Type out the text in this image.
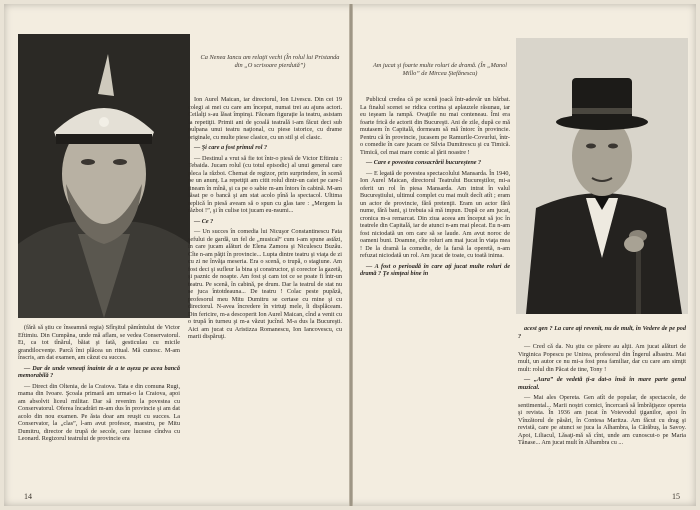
Ca Nenea Iancu am relaţii vechi (În rolul lui Pristanda din „O scrisoare pierdută”)

(fără să ştiu ce înseamnă regia) Sfîrşitul pămîntului de Victor Eftimiu. Din Cumpăna, unde mă aflam, se vedea Conservatorul. Ei, ca tot tînărul, băiat şi fată, gesticulau cu micile grandilocvenţe. Parcă îmi plăcea un ritual. Mă cunosc. M-am înscris, am dat examen, am căzut cu succes.

— Dar de unde veneaţi înainte de a te aşeza pe acea bancă memorabilă ?

— Direct din Oltenia, de la Craiova. Tata e din comuna Rugi, mama din Ivoare. Şcoala primară am urmat-o la Craiova, apoi am absolvit liceul militar. Dar să revenim la povestea cu Conservatorul. Oferea încadrări m-am dus în provincie şi am dat acolo din nou examen. Pe ăsta doar am reuşit cu succes. La Conservator, la „clas”, l-am avut profesor, maestru, pe Mitu Dumitru, director de trupă de secole, care lucrase cîndva cu Leonard. Regizorul teatrului de provincie era

Ion Aurel Maican, iar directorul, Ion Livescu. Din cei 19 colegi ai mei cu care am început, numai trei au ajuns actori. Ceilalţi s-au lăsat împinşi. Făceam figuraţie la teatru, asistam la repetiţii. Primii ani de şcoală teatrală i-am făcut deci sub pulpana unui teatru naţional, cu piese istorice, cu drame originale, cu multe piese clasice, cu un stil şi el clasic.

— Şi care a fost primul rol ?

— Destinul a vrut să fie tot într-o piesă de Victor Eftimiu : Tebaida. Jucam rolul (cu totul episodic) al unui general care pleca la război. Chemat de regizor, prin surprindere, în scenă pe un anunţ. La repetiţii am citit rolul dintr-un caiet pe care-l ţineam în mînă, şi ca pe o sabie m-am întors în cabină. M-am lăsat pe o bancă şi am stat acolo pînă la spectacol. Ultima replică în piesă aveam să o spun cu glas tare : „Mergem la război !”, şi în culise tot jucam eu-nsumi...

— Ce ?

— Un succes în comedia lui Nicuşor Constantinescu Fata şefului de gardă, un fel de „musical” cum i-am spune astăzi, în care jucam alături de Elena Zamora şi Niculescu Buzău. Cîte n-am păţit în provincie... Lupta dintre teatru şi viaţa de zi cu zi ne învăţa meseria. Era o scenă, o trupă, o stagiune. Am fost deci şi sufleur la bina şi constructor, şi corector la gazetă, şi paznic de noapte. Am fost şi cam tot ce se poate fi într-un teatru. Pe scenă, în cabină, pe drum. Dar la teatrul de stat nu se juca întotdeauna... De teatru ! Colac peste pupăză, profesorul meu Mitu Dumitru se certase cu mine şi cu directorul. N-avea încredere în virtuţi mele, îi displăceam. Din fericire, m-a descoperit Ion Aurel Maican, cînd a venit cu o trupă în turneu şi m-a văzut jucînd. M-a dus la Bucureşti. Aici am jucat cu Aristizza Romanescu, Ion Iancovescu, cu marii dispăruţi.

14
Am jucat şi foarte multe roluri de dramă. (În „Manol Millo” de Mircea Ştefănescu)

Publicul credea că pe scenă joacă într-adevăr un bărbat. La finalul scenei se ridica cortina şi aplauzele răsunau, iar eu ieşeam la rampă. Ovaţiile nu mai conteneau. Îmi era foarte frică de actorii din Bucureşti. Ani de zile, după ce mă mutasem în Capitală, dormeam să mă întorc în provincie. Pentru că în provincie, jucasem pe Ramurile-Covurlui, într-o comedie în care jucam ce Silvia Dumitrescu şi cu Timică. Timică, cel mai mare comic al ţării noastre !

— Care e povestea consacrării bucureştene ?

— E legată de povestea spectacolului Mansarda. În 1940, Ion Aurel Maican, directorul Teatrului Bucureştilor, mi-a oferit un rol în piesa Mansarda. Am intrat în valul Bucureştiului, ultimul complet cu mai mult decît atît ; eram un actor de provincie, fără pretenţii. Eram un actor fără nume, fără bani, şi trebuia să mă impun. După ce am jucat, cronica m-a remarcat. Din ziua aceea am început să joc în teatrele din Capitală, iar de atunci n-am mai plecat. Eu n-am fost niciodată un om care să se laude. Am avut noroc de oameni buni. Doamne, cîte roluri am mai jucat în viaţa mea ! De la dramă la comedie, de la farsă la operetă, n-am refuzat niciodată un rol. Am jucat de toate, cu toată inima.

— A fost o perioadă în care aţi jucat multe roluri de dramă ? Ţe simţeai bine în

acest gen ? La care aţi revenit, nu de mult, în Vedere de pe pod ?

— Cred că da. Nu ştiu ce părere au alţii. Am jucat alături de Virginica Popescu pe Unirea, profesorul din Îngerul albastru. Mai mult, un autor ce nu mi-a fost prea familiar, dar cu care am simţit mult: rolul din Păcat de tine, Tony !

— „Aura” de vedetă ţi-a dat-o însă în mare parte genul muzical.

— Mai ales Opereta. Gen atît de popular, de spectacole, de sentimental... Marii noştri comici, încercară să îmbrăţişeze opereta şi revista. În 1936 am jucat în Voievodul ţiganilor, apoi în Vînzătorul de păsări, în Contesa Maritza. Am făcut cu drag şi revistă, care pe atunci se juca la Alhambra, la Cărăbuş, la Savoy. Apoi, Liliacul, Lăsaţi-mă să cînt, unde am cunoscut-o pe Maria Tănase... Am jucat mult în Alhambra cu ...

15
